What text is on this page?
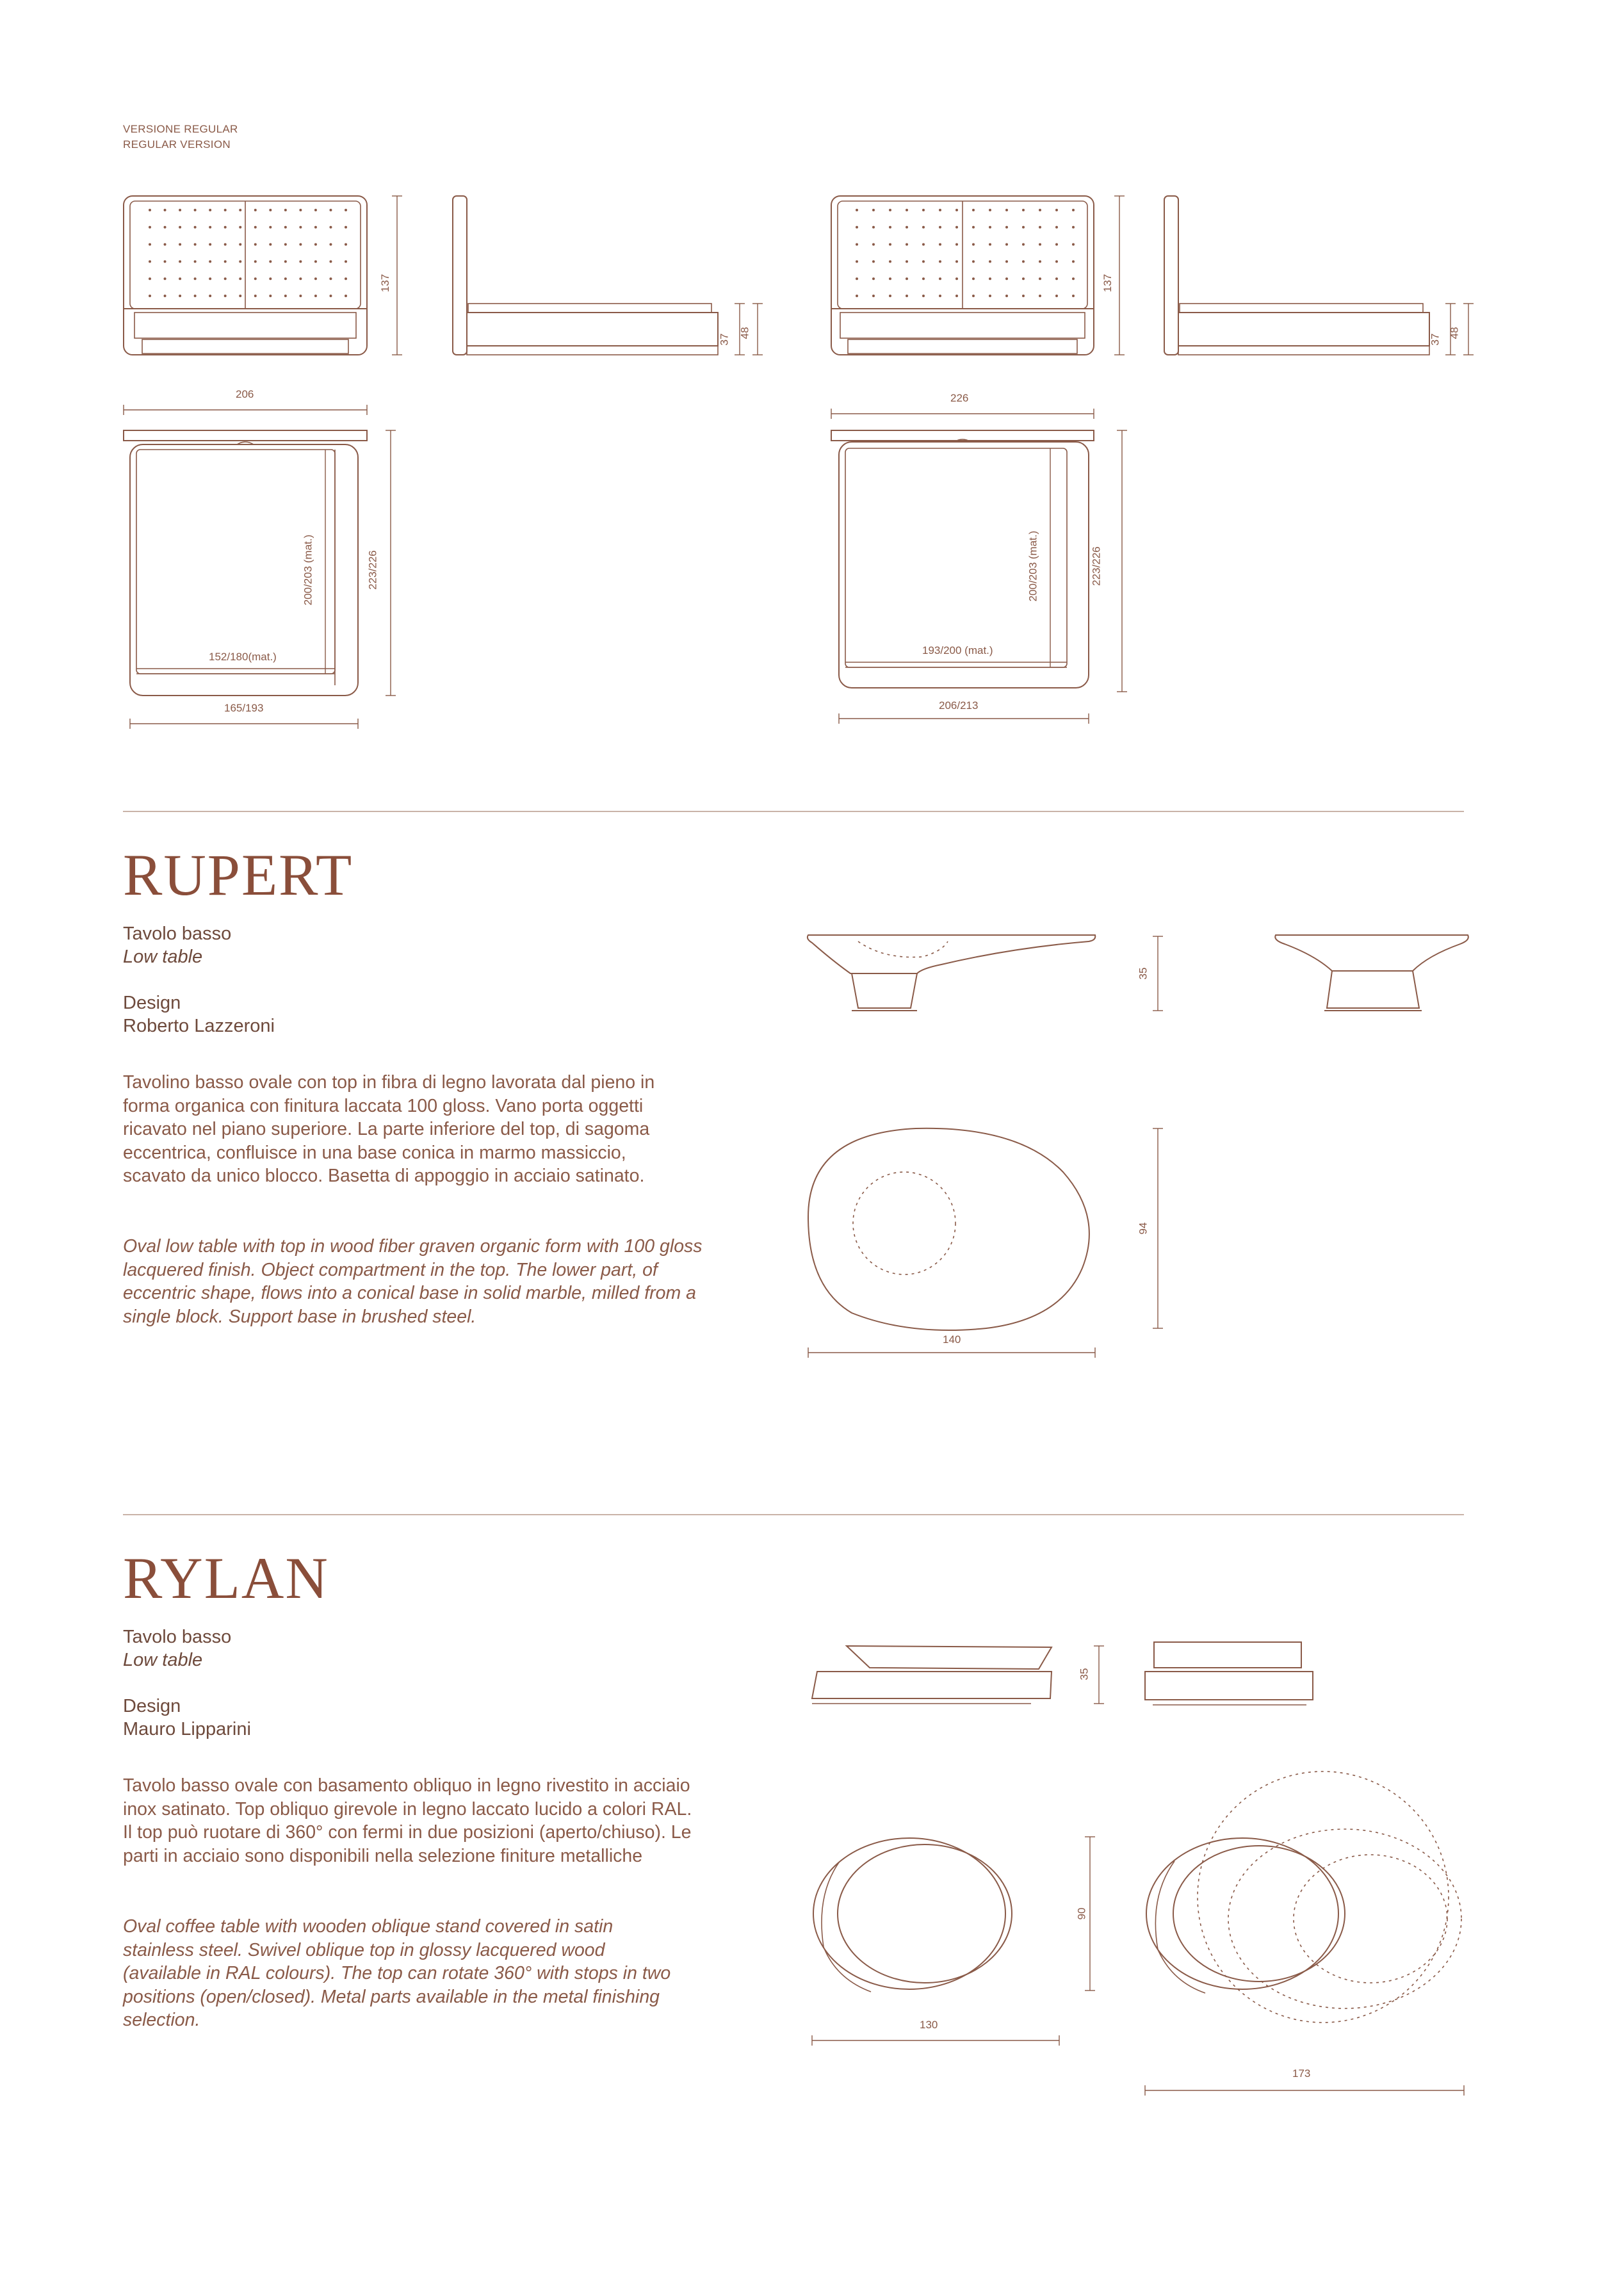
VERSIONE REGULAR
REGULAR VERSION
137
37
48
206
200/203 (mat.)	223/226
152/180(mat.)
165/193
137
37
48
226
200/203 (mat.)	223/226
193/200 (mat.)
206/213
RUPERT
Tavolo basso
Low table
Design
Roberto Lazzeroni
Tavolino basso ovale con top in fibra di legno lavorata dal pieno in forma organica con finitura laccata 100 gloss. Vano porta oggetti ricavato nel piano superiore. La parte inferiore del top, di sagoma eccentrica, confluisce in una base conica in marmo massiccio, scavato da unico blocco. Basetta di appoggio in acciaio satinato.
Oval low table with top in wood fiber graven organic form with 100 gloss lacquered finish. Object compartment in the top. The lower part, of eccentric shape, flows into a conical base in solid marble, milled from a single block. Support base in brushed steel.
35
94
140
RYLAN
Tavolo basso
Low table
Design
Mauro Lipparini
Tavolo basso ovale con basamento obliquo in legno rivestito in acciaio inox satinato. Top obliquo girevole in legno laccato lucido a colori RAL. Il top può ruotare di 360° con fermi in due posizioni (aperto/chiuso). Le parti in acciaio sono disponibili nella selezione finiture metalliche
Oval coffee table with wooden oblique stand covered in satin stainless steel. Swivel oblique top in glossy lacquered wood (available in RAL colours). The top can rotate 360° with stops in two positions (open/closed). Metal parts available in the metal finishing selection.
35
90
130
173
